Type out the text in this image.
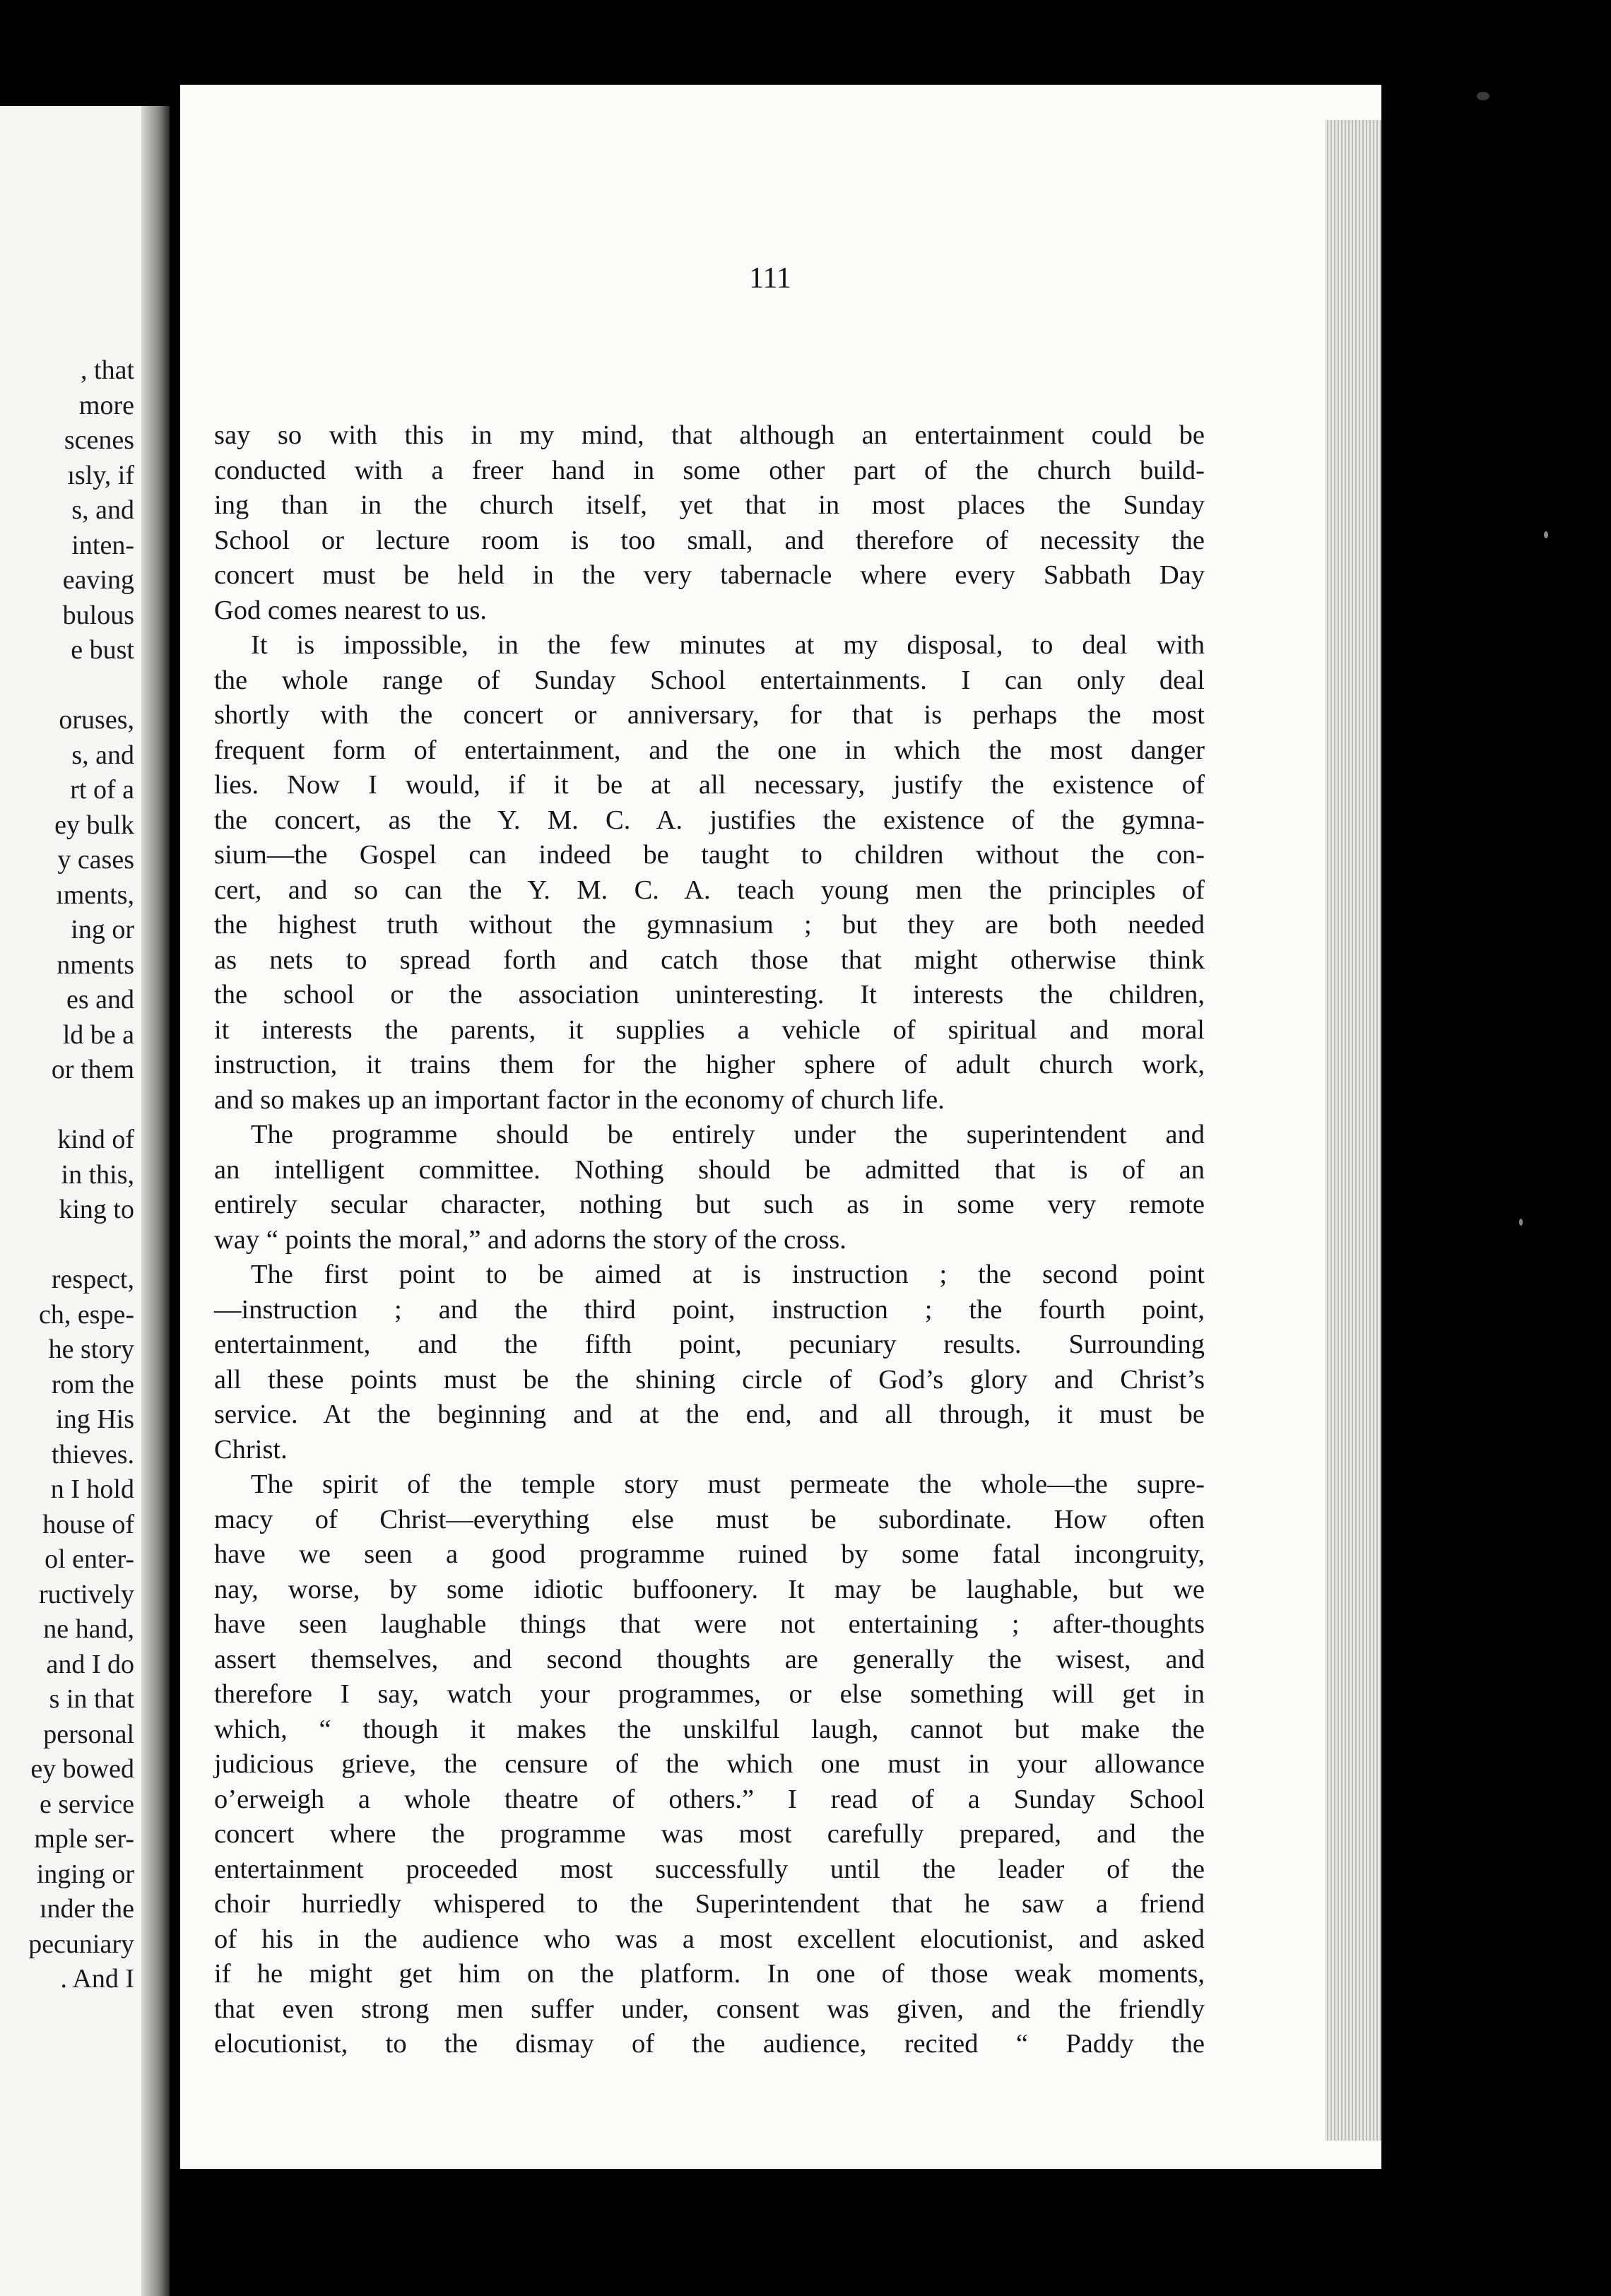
, that
more
scenes
ısly, if
s, and
inten-
eaving
bulous
e bust
oruses,
s, and
rt of a
ey bulk
y cases
ıments,
ing or
nments
es and
ld be a
or them
kind of
in this,
king to
respect,
ch, espe-
he story
rom the
ing His
thieves.
n I hold
house of
ol enter-
ructively
ne hand,
and I do
s in that
personal
ey bowed
e service
mple ser-
inging or
ınder the
pecuniary
. And I
111
say so with this in my mind, that although an entertainment could be
conducted with a freer hand in some other part of the church build-
ing than in the church itself, yet that in most places the Sunday
School or lecture room is too small, and therefore of necessity the
concert must be held in the very tabernacle where every Sabbath Day
God comes nearest to us.
It is impossible, in the few minutes at my disposal, to deal with
the whole range of Sunday School entertainments. I can only deal
shortly with the concert or anniversary, for that is perhaps the most
frequent form of entertainment, and the one in which the most danger
lies. Now I would, if it be at all necessary, justify the existence of
the concert, as the Y. M. C. A. justifies the existence of the gymna-
sium—the Gospel can indeed be taught to children without the con-
cert, and so can the Y. M. C. A. teach young men the principles of
the highest truth without the gymnasium ; but they are both needed
as nets to spread forth and catch those that might otherwise think
the school or the association uninteresting. It interests the children,
it interests the parents, it supplies a vehicle of spiritual and moral
instruction, it trains them for the higher sphere of adult church work,
and so makes up an important factor in the economy of church life.
The programme should be entirely under the superintendent and
an intelligent committee. Nothing should be admitted that is of an
entirely secular character, nothing but such as in some very remote
way “ points the moral,” and adorns the story of the cross.
The first point to be aimed at is instruction ; the second point
—instruction ; and the third point, instruction ; the fourth point,
entertainment, and the fifth point, pecuniary results. Surrounding
all these points must be the shining circle of God’s glory and Christ’s
service. At the beginning and at the end, and all through, it must be
Christ.
The spirit of the temple story must permeate the whole—the supre-
macy of Christ—everything else must be subordinate. How often
have we seen a good programme ruined by some fatal incongruity,
nay, worse, by some idiotic buffoonery. It may be laughable, but we
have seen laughable things that were not entertaining ; after-thoughts
assert themselves, and second thoughts are generally the wisest, and
therefore I say, watch your programmes, or else something will get in
which, “ though it makes the unskilful laugh, cannot but make the
judicious grieve, the censure of the which one must in your allowance
o’erweigh a whole theatre of others.” I read of a Sunday School
concert where the programme was most carefully prepared, and the
entertainment proceeded most successfully until the leader of the
choir hurriedly whispered to the Superintendent that he saw a friend
of his in the audience who was a most excellent elocutionist, and asked
if he might get him on the platform. In one of those weak moments,
that even strong men suffer under, consent was given, and the friendly
elocutionist, to the dismay of the audience, recited “ Paddy the
